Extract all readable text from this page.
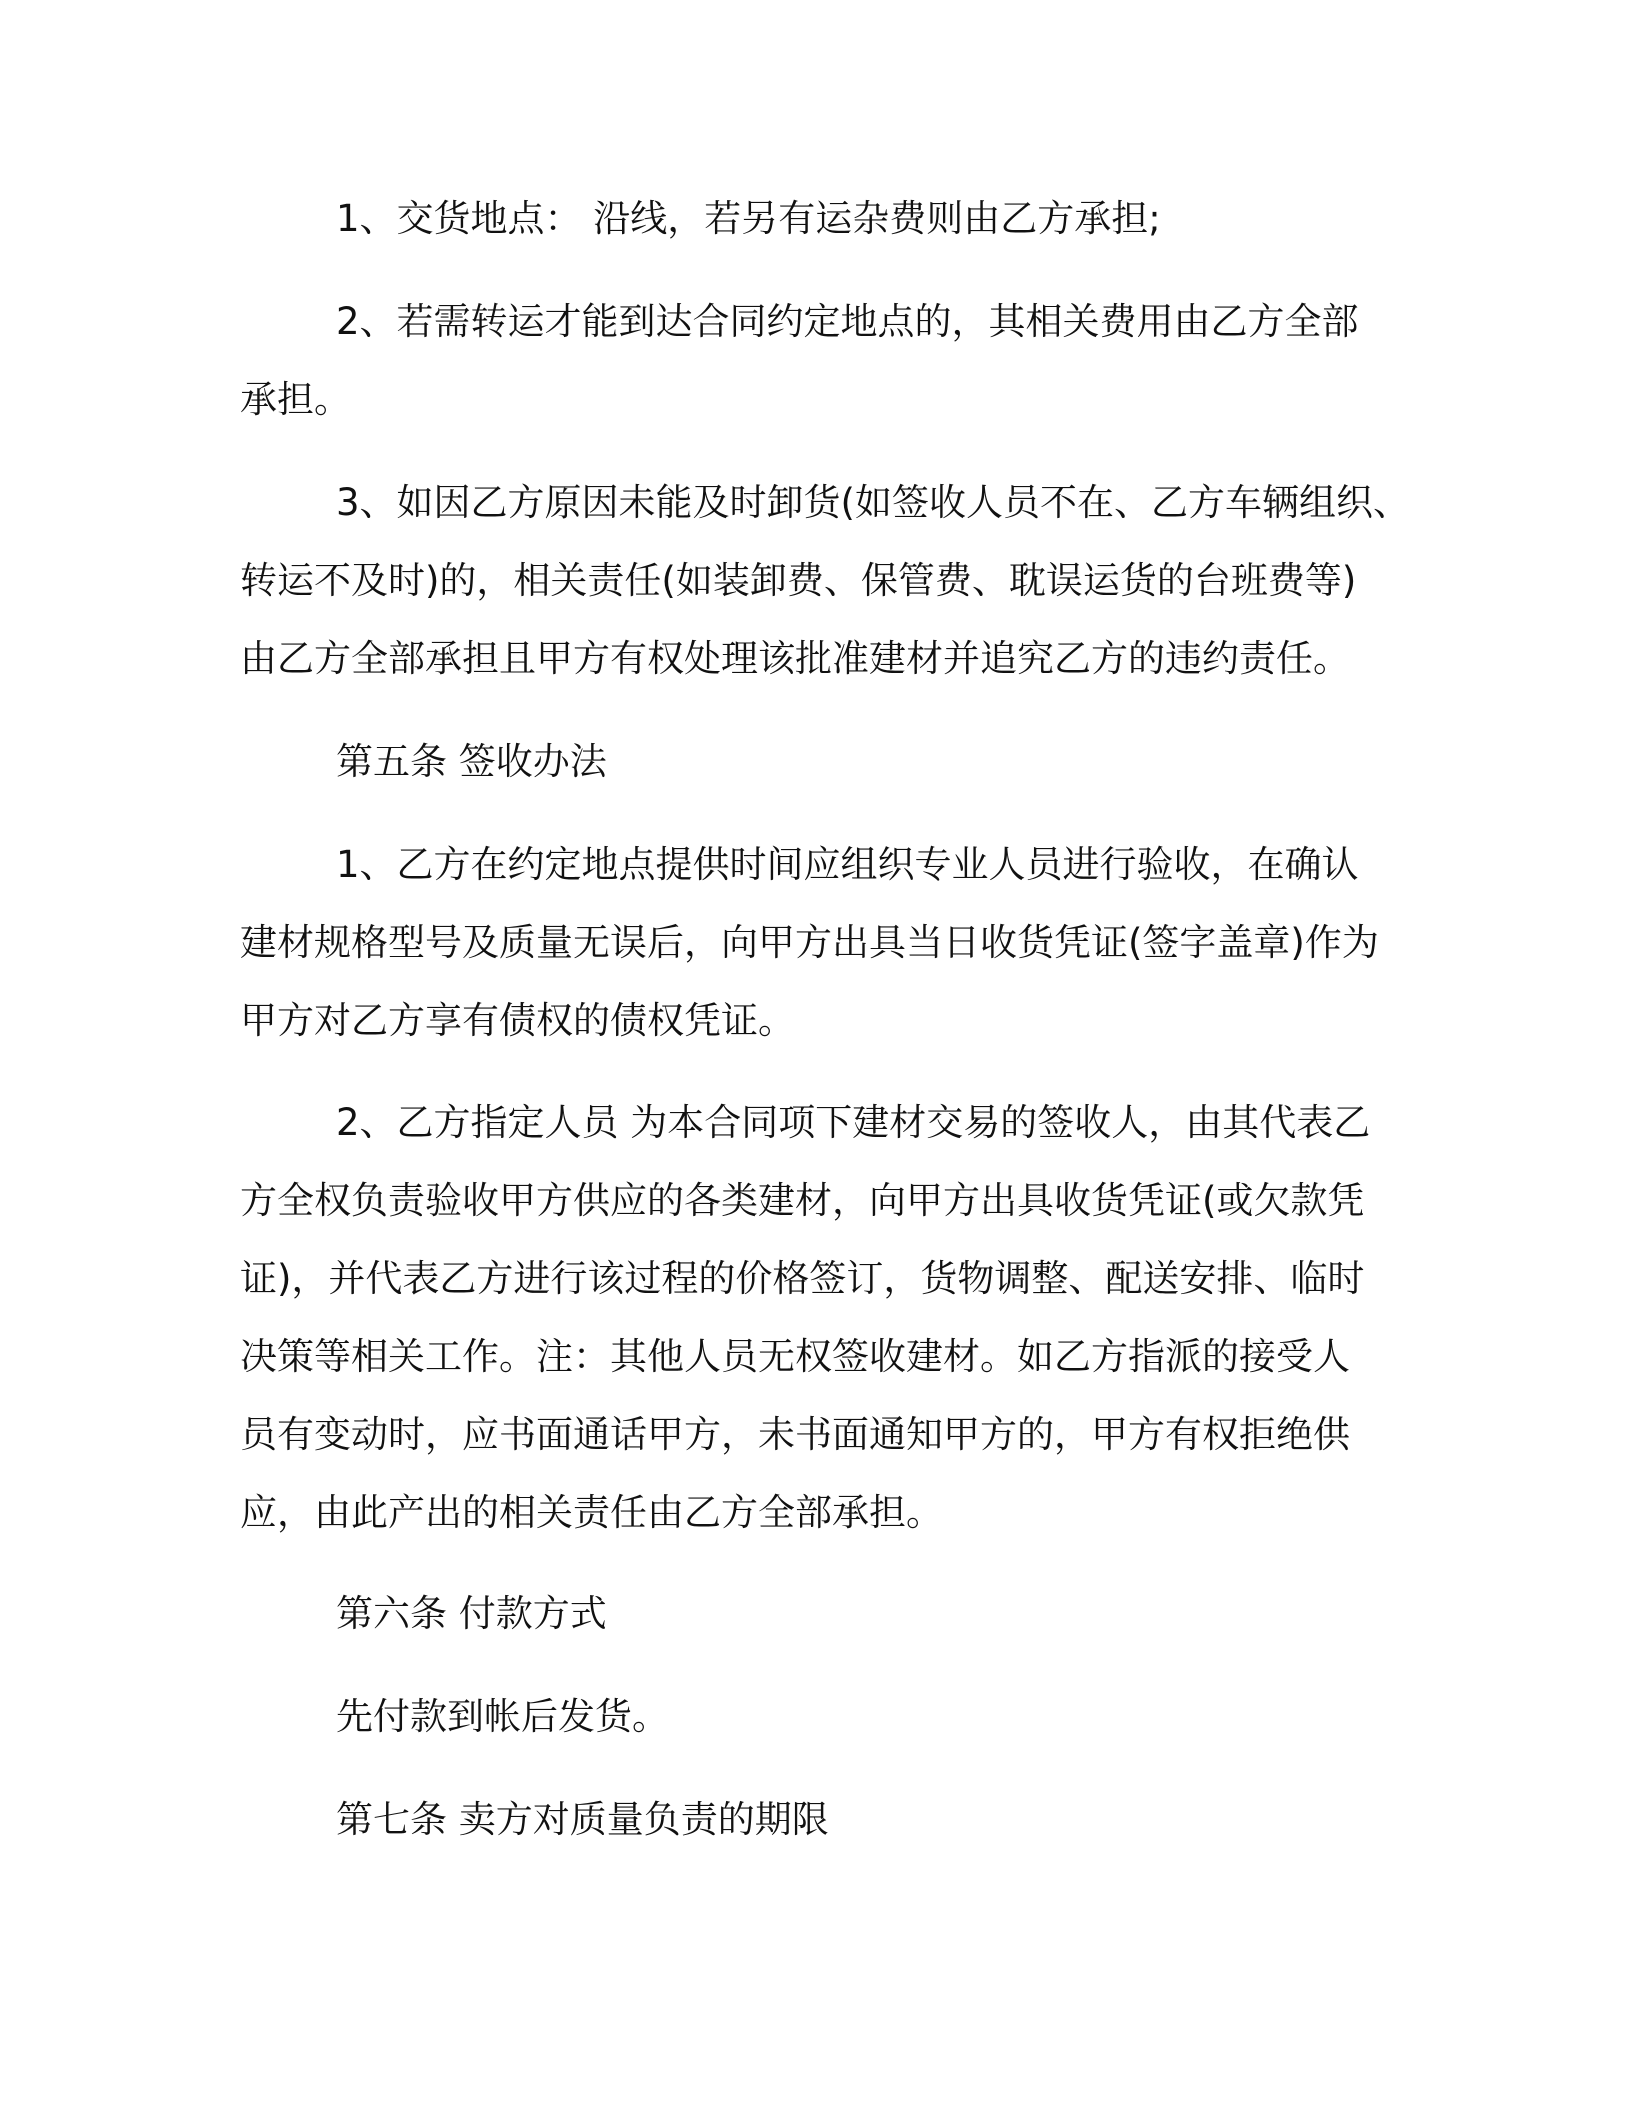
1、交货地点： 沿线，若另有运杂费则由乙方承担;
2、若需转运才能到达合同约定地点的，其相关费用由乙方全部
承担。
3、如因乙方原因未能及时卸货(如签收人员不在、乙方车辆组织、
转运不及时)的，相关责任(如装卸费、保管费、耽误运货的台班费等)
由乙方全部承担且甲方有权处理该批准建材并追究乙方的违约责任。
第五条 签收办法
1、乙方在约定地点提供时间应组织专业人员进行验收，在确认
建材规格型号及质量无误后，向甲方出具当日收货凭证(签字盖章)作为
甲方对乙方享有债权的债权凭证。
2、乙方指定人员 为本合同项下建材交易的签收人，由其代表乙
方全权负责验收甲方供应的各类建材，向甲方出具收货凭证(或欠款凭
证)，并代表乙方进行该过程的价格签订，货物调整、配送安排、临时
决策等相关工作。注：其他人员无权签收建材。如乙方指派的接受人
员有变动时，应书面通话甲方，未书面通知甲方的，甲方有权拒绝供
应，由此产出的相关责任由乙方全部承担。
第六条 付款方式
先付款到帐后发货。
第七条 卖方对质量负责的期限
